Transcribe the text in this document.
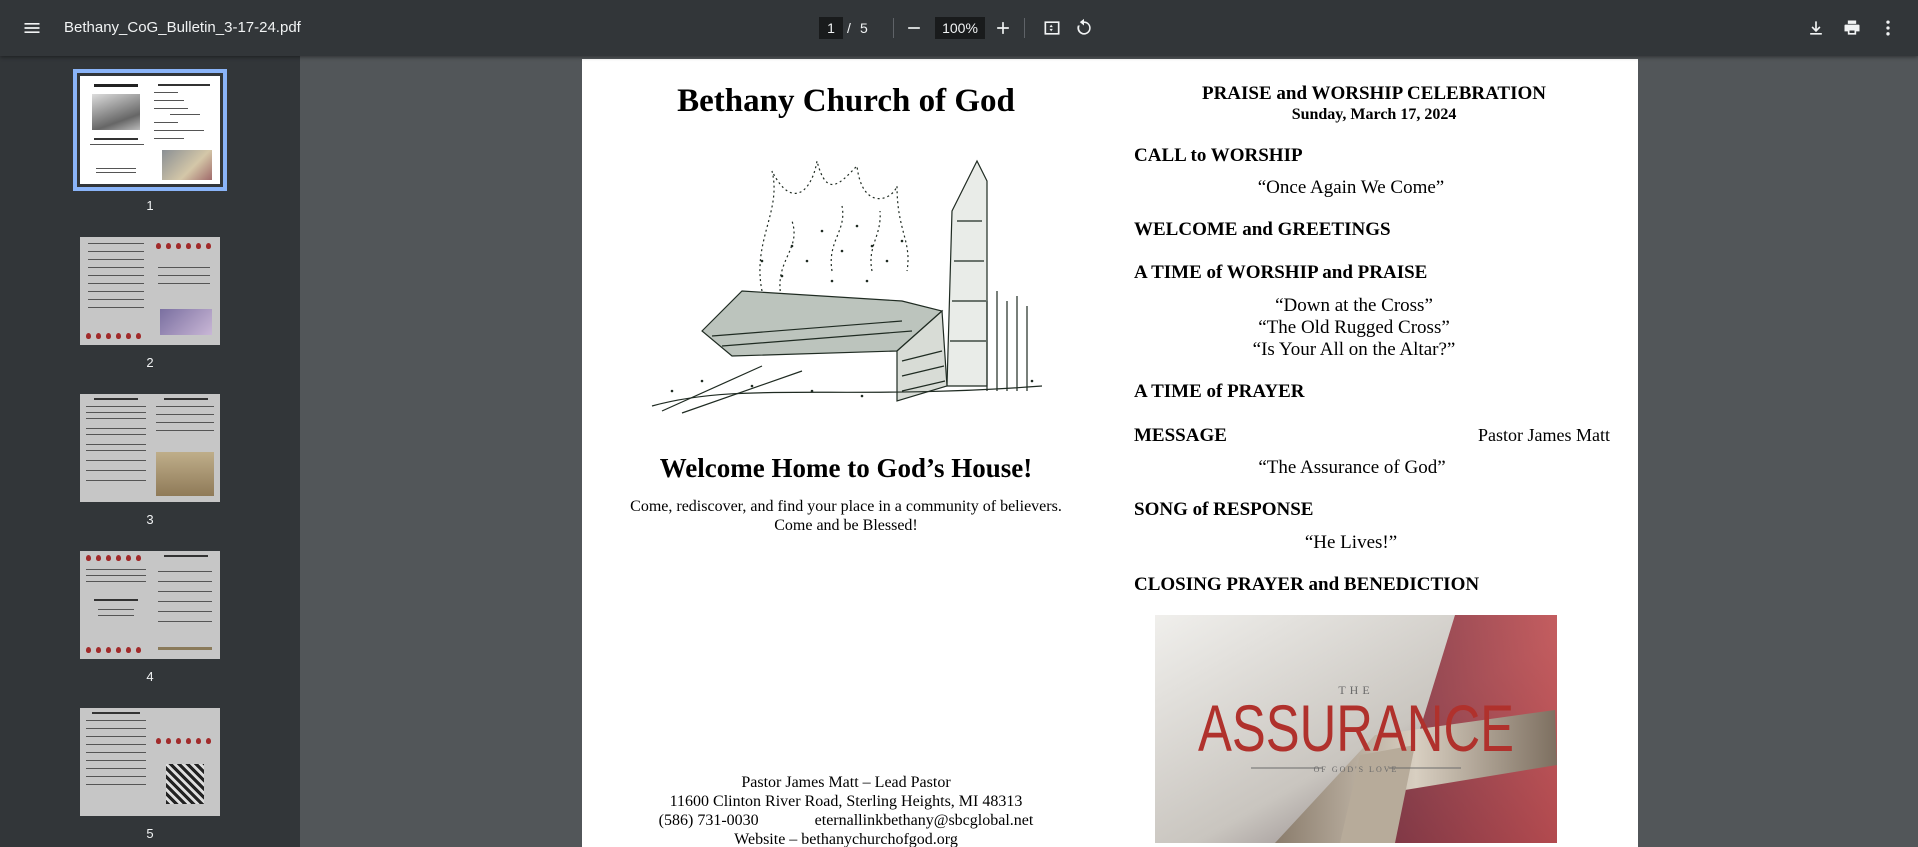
Bethany_CoG_Bulletin_3-17-24.pdf	1 / 5	100%
1
2
3
4
5
Bethany Church of God
Welcome Home to God’s House!
Come, rediscover, and find your place in a community of believers.
Come and be Blessed!
Pastor James Matt – Lead Pastor
11600 Clinton River Road, Sterling Heights, MI 48313
(586) 731-0030	eternallinkbethany@sbcglobal.net
Website – bethanychurchofgod.org
PRAISE and WORSHIP CELEBRATION
Sunday, March 17, 2024
CALL to WORSHIP
“Once Again We Come”
WELCOME and GREETINGS
A TIME of WORSHIP and PRAISE
“Down at the Cross”
“The Old Rugged Cross”
“Is Your All on the Altar?”
A TIME of PRAYER
MESSAGE	Pastor James Matt
“The Assurance of God”
SONG of RESPONSE
“He Lives!”
CLOSING PRAYER and BENEDICTION
THE
ASSURANCE
OF GOD'S LOVE
